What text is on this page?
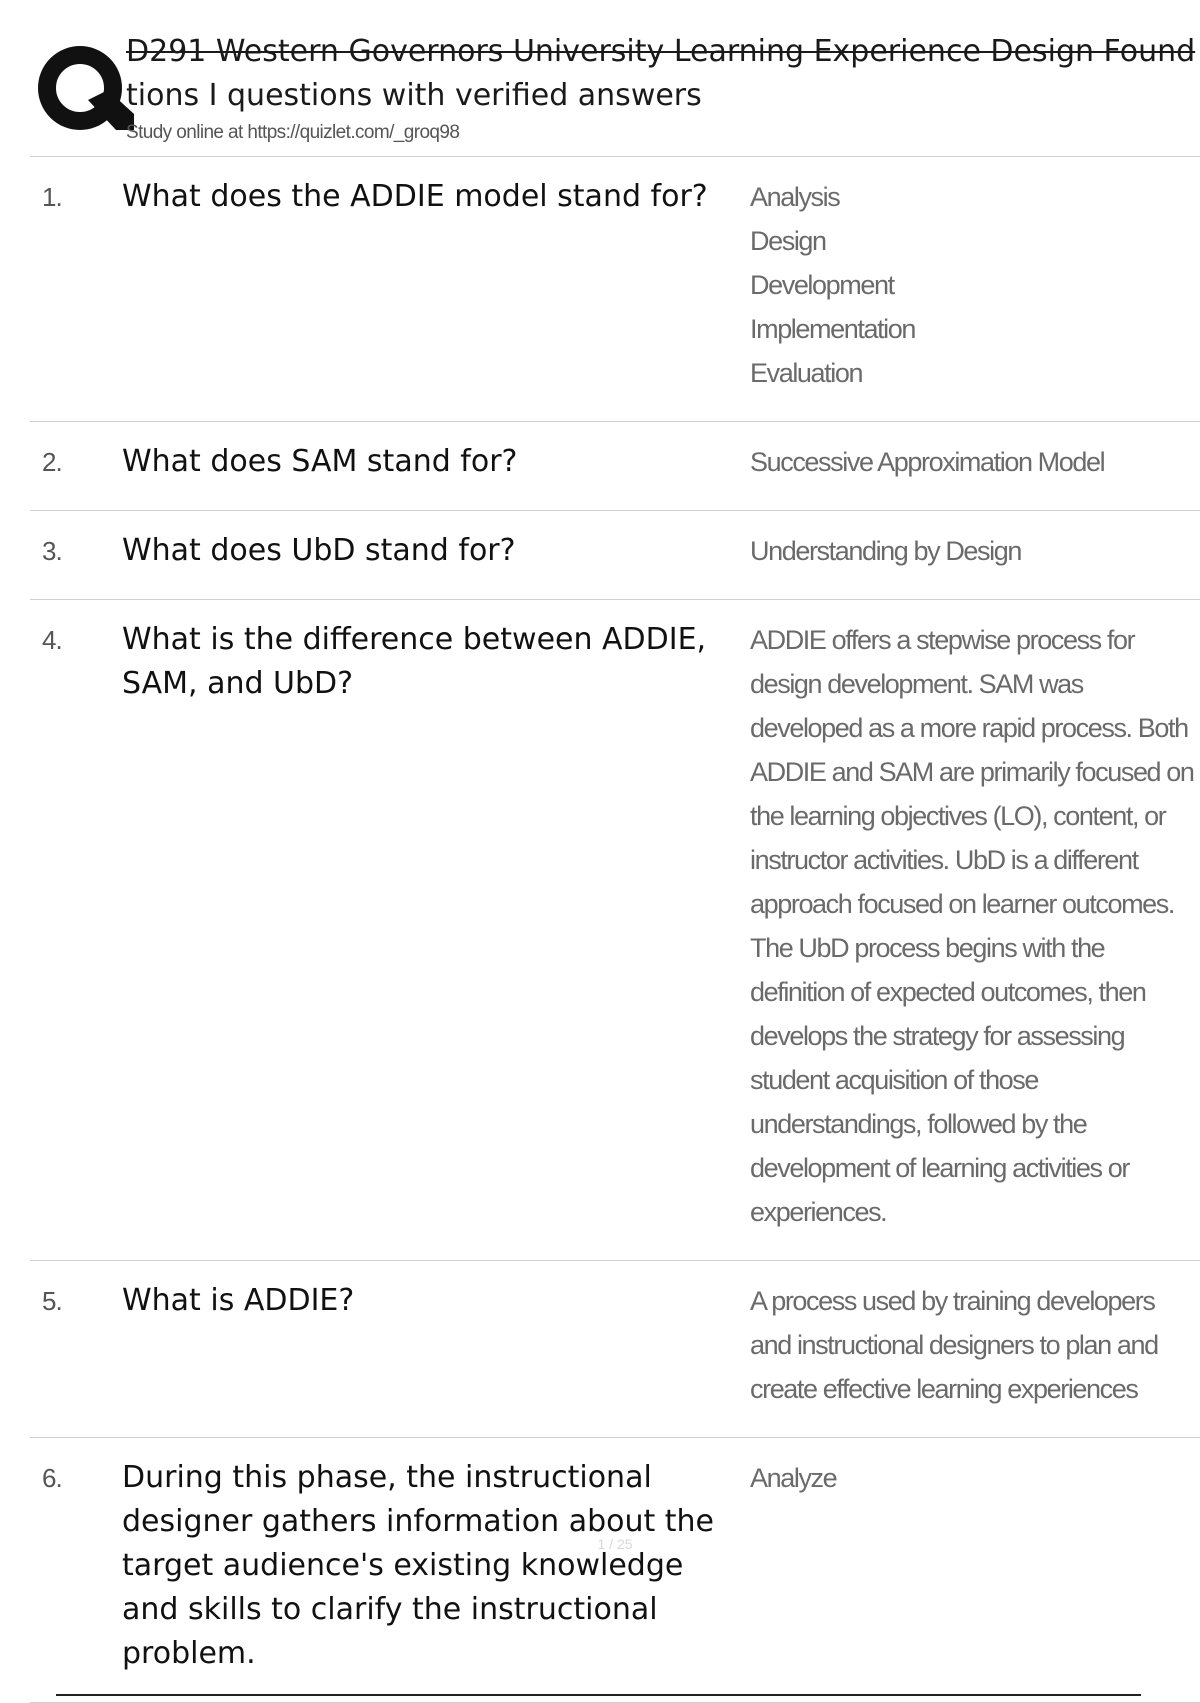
D291 Western Governors University Learning Experience Design Found
tions I questions with verified answers
Study online at https://quizlet.com/_groq98
1.	What does the ADDIE model stand for?	Analysis
Design
Development
Implementation
Evaluation
2.	What does SAM stand for?	Successive Approximation Model
3.	What does UbD stand for?	Understanding by Design
4.	What is the difference between ADDIE, SAM, and UbD?
ADDIE offers a stepwise process for design development. SAM was developed as a more rapid process. Both ADDIE and SAM are primarily focused on the learning objectives (LO), content, or instructor activities. UbD is a different approach focused on learner outcomes. The UbD process begins with the definition of expected outcomes, then develops the strategy for assessing student acquisition of those understandings, followed by the development of learning activities or experiences.
5.	What is ADDIE?	A process used by training developers and instructional designers to plan and create effective learning experiences
6.	During this phase, the instructional designer gathers information about the target audience's existing knowledge and skills to clarify the instructional problem.
Analyze
1 / 25
